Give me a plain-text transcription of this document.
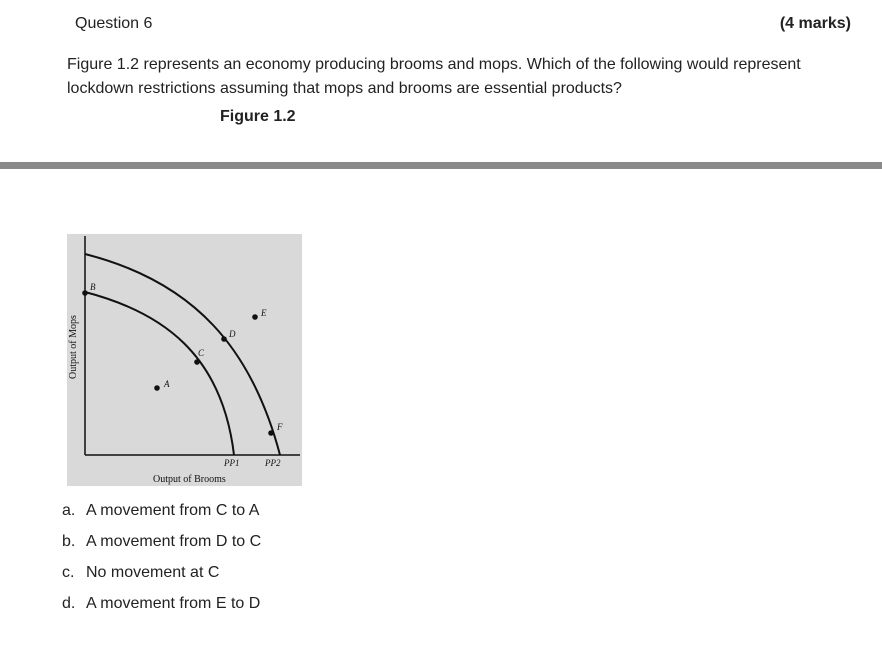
Question 6	(4 marks)
Figure 1.2 represents an economy producing brooms and mops. Which of the following would represent lockdown restrictions assuming that mops and brooms are essential products?
Figure 1.2
A
B
C
D
E
F
PP1	PP2
Output of Brooms
Output of Mops
a. A movement from C to A
b. A movement from D to C
c. No movement at C
d. A movement from E to D
